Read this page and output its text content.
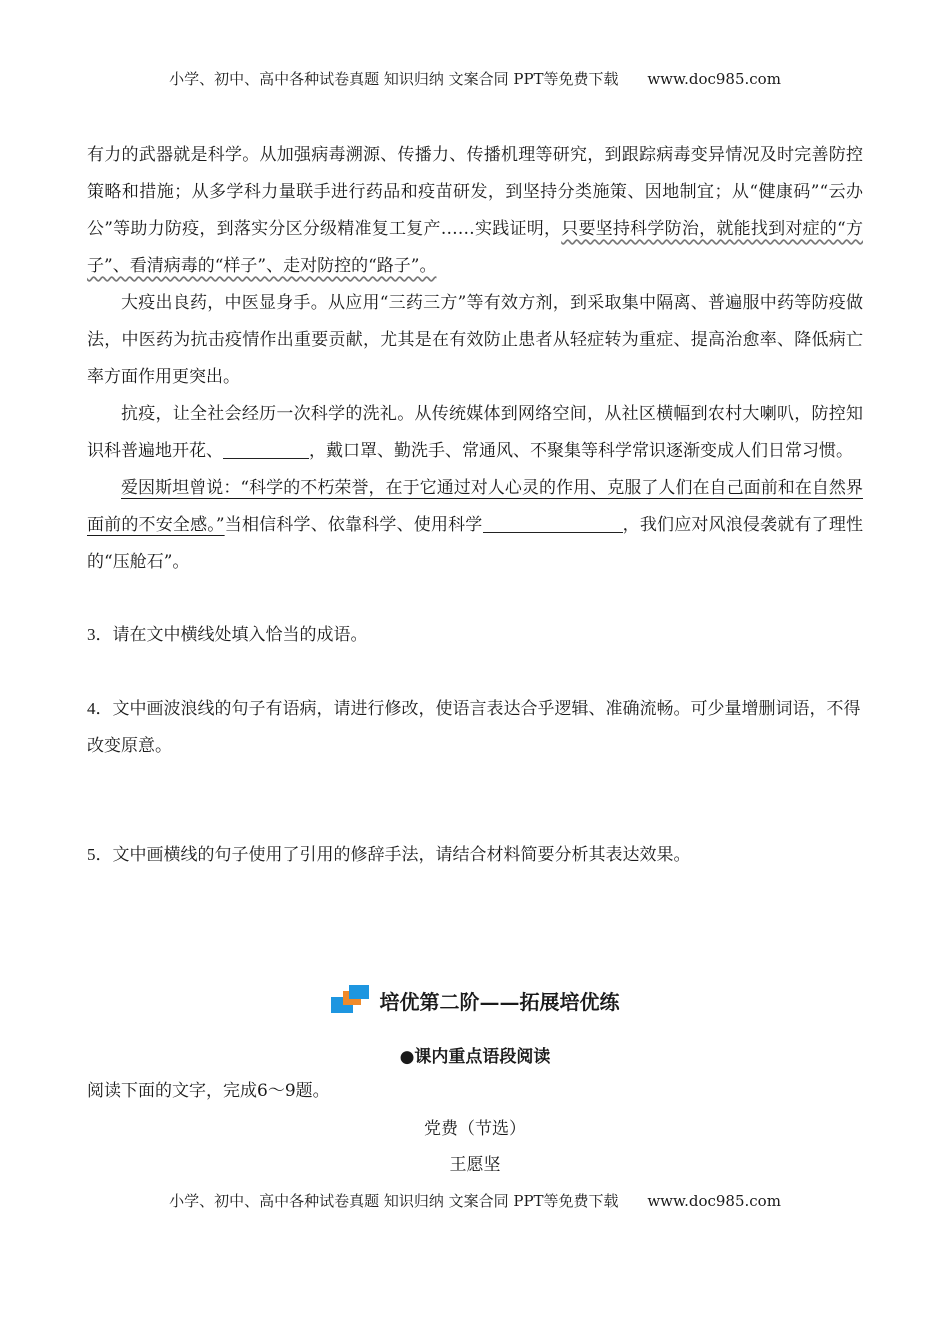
小学、初中、高中各种试卷真题 知识归纳 文案合同 PPT等免费下载 www.doc985.com

有力的武器就是科学。从加强病毒溯源、传播力、传播机理等研究，到跟踪病毒变异情况及时完善防控策略和措施；从多学科力量联手进行药品和疫苗研发，到坚持分类施策、因地制宜；从“健康码”“云办公”等助力防疫，到落实分区分级精准复工复产……实践证明，只要坚持科学防治，就能找到对症的“方子”、看清病毒的“样子”、走对防控的“路子”。

大疫出良药，中医显身手。从应用“三药三方”等有效方剂，到采取集中隔离、普遍服中药等防疫做法，中医药为抗击疫情作出重要贡献，尤其是在有效防止患者从轻症转为重症、提高治愈率、降低病亡率方面作用更突出。

抗疫，让全社会经历一次科学的洗礼。从传统媒体到网络空间，从社区横幅到农村大喇叭，防控知识科普遍地开花、	，戴口罩、勤洗手、常通风、不聚集等科学常识逐渐变成人们日常习惯。

爱因斯坦曾说：“科学的不朽荣誉，在于它通过对人心灵的作用、克服了人们在自己面前和在自然界面前的不安全感。”当相信科学、依靠科学、使用科学	，我们应对风浪侵袭就有了理性的“压舱石”。

3．请在文中横线处填入恰当的成语。

4．文中画波浪线的句子有语病，请进行修改，使语言表达合乎逻辑、准确流畅。可少量增删词语，不得改变原意。

5．文中画横线的句子使用了引用的修辞手法，请结合材料简要分析其表达效果。

培优第二阶——拓展培优练
●课内重点语段阅读
阅读下面的文字，完成6～9题。
党费（节选）
王愿坚
小学、初中、高中各种试卷真题 知识归纳 文案合同 PPT等免费下载 www.doc985.com
